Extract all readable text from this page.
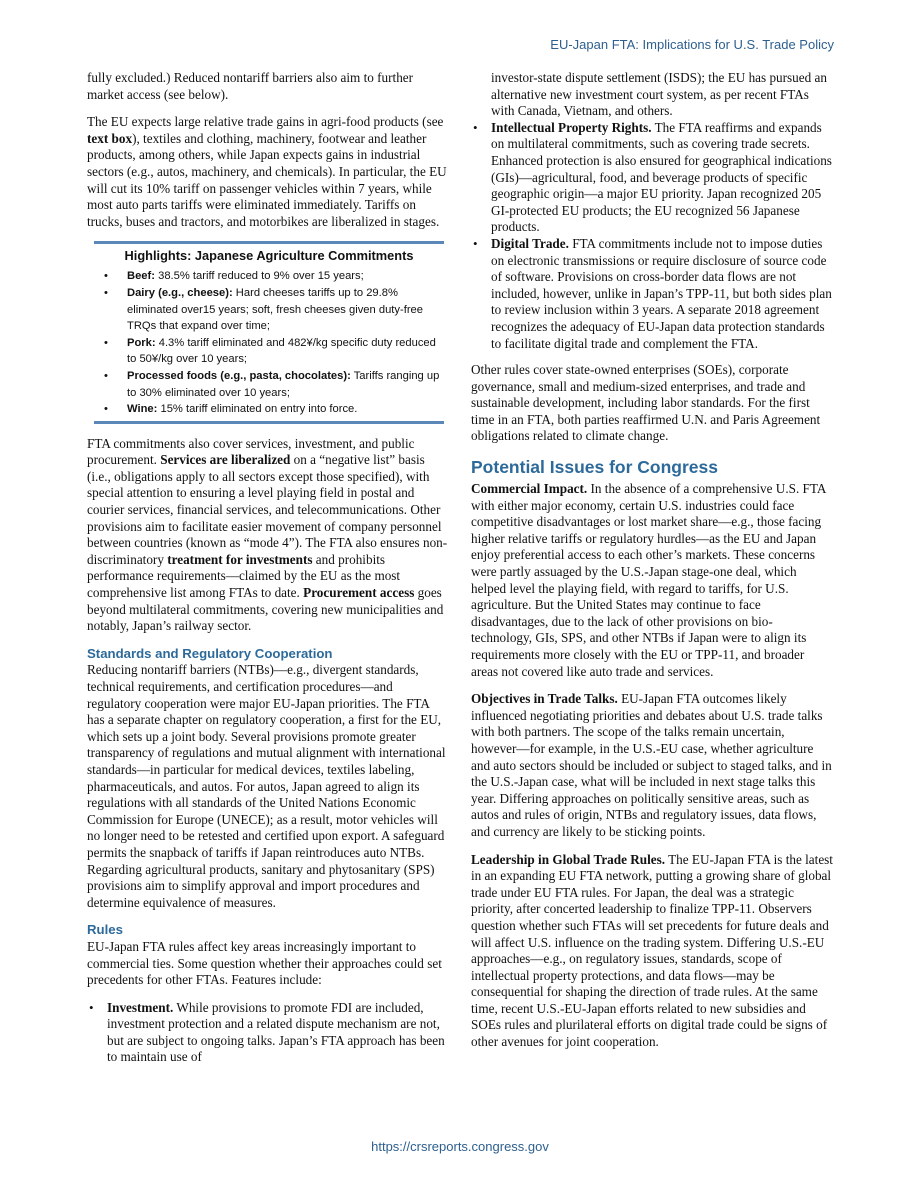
EU-Japan FTA: Implications for U.S. Trade Policy

fully excluded.) Reduced nontariff barriers also aim to further market access (see below).

The EU expects large relative trade gains in agri-food products (see text box), textiles and clothing, machinery, footwear and leather products, among others, while Japan expects gains in industrial sectors (e.g., autos, machinery, and chemicals). In particular, the EU will cut its 10% tariff on passenger vehicles within 7 years, while most auto parts tariffs were eliminated immediately. Tariffs on trucks, buses and tractors, and motorbikes are liberalized in stages.

Highlights: Japanese Agriculture Commitments
• Beef: 38.5% tariff reduced to 9% over 15 years;
• Dairy (e.g., cheese): Hard cheeses tariffs up to 29.8% eliminated over15 years; soft, fresh cheeses given duty-free TRQs that expand over time;
• Pork: 4.3% tariff eliminated and 482¥/kg specific duty reduced to 50¥/kg over 10 years;
• Processed foods (e.g., pasta, chocolates): Tariffs ranging up to 30% eliminated over 10 years;
• Wine: 15% tariff eliminated on entry into force.

FTA commitments also cover services, investment, and public procurement. Services are liberalized on a “negative list” basis (i.e., obligations apply to all sectors except those specified), with special attention to ensuring a level playing field in postal and courier services, financial services, and telecommunications. Other provisions aim to facilitate easier movement of company personnel between countries (known as “mode 4”). The FTA also ensures non-discriminatory treatment for investments and prohibits performance requirements—claimed by the EU as the most comprehensive list among FTAs to date. Procurement access goes beyond multilateral commitments, covering new municipalities and notably, Japan’s railway sector.

Standards and Regulatory Cooperation

Reducing nontariff barriers (NTBs)—e.g., divergent standards, technical requirements, and certification procedures—and regulatory cooperation were major EU-Japan priorities. The FTA has a separate chapter on regulatory cooperation, a first for the EU, which sets up a joint body. Several provisions promote greater transparency of regulations and mutual alignment with international standards—in particular for medical devices, textiles labeling, pharmaceuticals, and autos. For autos, Japan agreed to align its regulations with all standards of the United Nations Economic Commission for Europe (UNECE); as a result, motor vehicles will no longer need to be retested and certified upon export. A safeguard permits the snapback of tariffs if Japan reintroduces auto NTBs. Regarding agricultural products, sanitary and phytosanitary (SPS) provisions aim to simplify approval and import procedures and determine equivalence of measures.

Rules

EU-Japan FTA rules affect key areas increasingly important to commercial ties. Some question whether their approaches could set precedents for other FTAs. Features include:

• Investment. While provisions to promote FDI are included, investment protection and a related dispute mechanism are not, but are subject to ongoing talks. Japan’s FTA approach has been to maintain use of

investor-state dispute settlement (ISDS); the EU has pursued an alternative new investment court system, as per recent FTAs with Canada, Vietnam, and others.

• Intellectual Property Rights. The FTA reaffirms and expands on multilateral commitments, such as covering trade secrets. Enhanced protection is also ensured for geographical indications (GIs)—agricultural, food, and beverage products of specific geographic origin—a major EU priority. Japan recognized 205 GI-protected EU products; the EU recognized 56 Japanese products.
• Digital Trade. FTA commitments include not to impose duties on electronic transmissions or require disclosure of source code of software. Provisions on cross-border data flows are not included, however, unlike in Japan’s TPP-11, but both sides plan to review inclusion within 3 years. A separate 2018 agreement recognizes the adequacy of EU-Japan data protection standards to facilitate digital trade and complement the FTA.

Other rules cover state-owned enterprises (SOEs), corporate governance, small and medium-sized enterprises, and trade and sustainable development, including labor standards. For the first time in an FTA, both parties reaffirmed U.N. and Paris Agreement obligations related to climate change.

Potential Issues for Congress

Commercial Impact. In the absence of a comprehensive U.S. FTA with either major economy, certain U.S. industries could face competitive disadvantages or lost market share—e.g., those facing higher relative tariffs or regulatory hurdles—as the EU and Japan enjoy preferential access to each other’s markets. These concerns were partly assuaged by the U.S.-Japan stage-one deal, which helped level the playing field, with regard to tariffs, for U.S. agriculture. But the United States may continue to face disadvantages, due to the lack of other provisions on bio-technology, GIs, SPS, and other NTBs if Japan were to align its requirements more closely with the EU or TPP-11, and broader areas not covered like auto trade and services.

Objectives in Trade Talks. EU-Japan FTA outcomes likely influenced negotiating priorities and debates about U.S. trade talks with both partners. The scope of the talks remain uncertain, however—for example, in the U.S.-EU case, whether agriculture and auto sectors should be included or subject to staged talks, and in the U.S.-Japan case, what will be included in next stage talks this year. Differing approaches on politically sensitive areas, such as autos and rules of origin, NTBs and regulatory issues, data flows, and currency are likely to be sticking points.

Leadership in Global Trade Rules. The EU-Japan FTA is the latest in an expanding EU FTA network, putting a growing share of global trade under EU FTA rules. For Japan, the deal was a strategic priority, after concerted leadership to finalize TPP-11. Observers question whether such FTAs will set precedents for future deals and will affect U.S. influence on the trading system. Differing U.S.-EU approaches—e.g., on regulatory issues, standards, scope of intellectual property protections, and data flows—may be consequential for shaping the direction of trade rules. At the same time, recent U.S.-EU-Japan efforts related to new subsidies and SOEs rules and plurilateral efforts on digital trade could be signs of other avenues for joint cooperation.

https://crsreports.congress.gov
